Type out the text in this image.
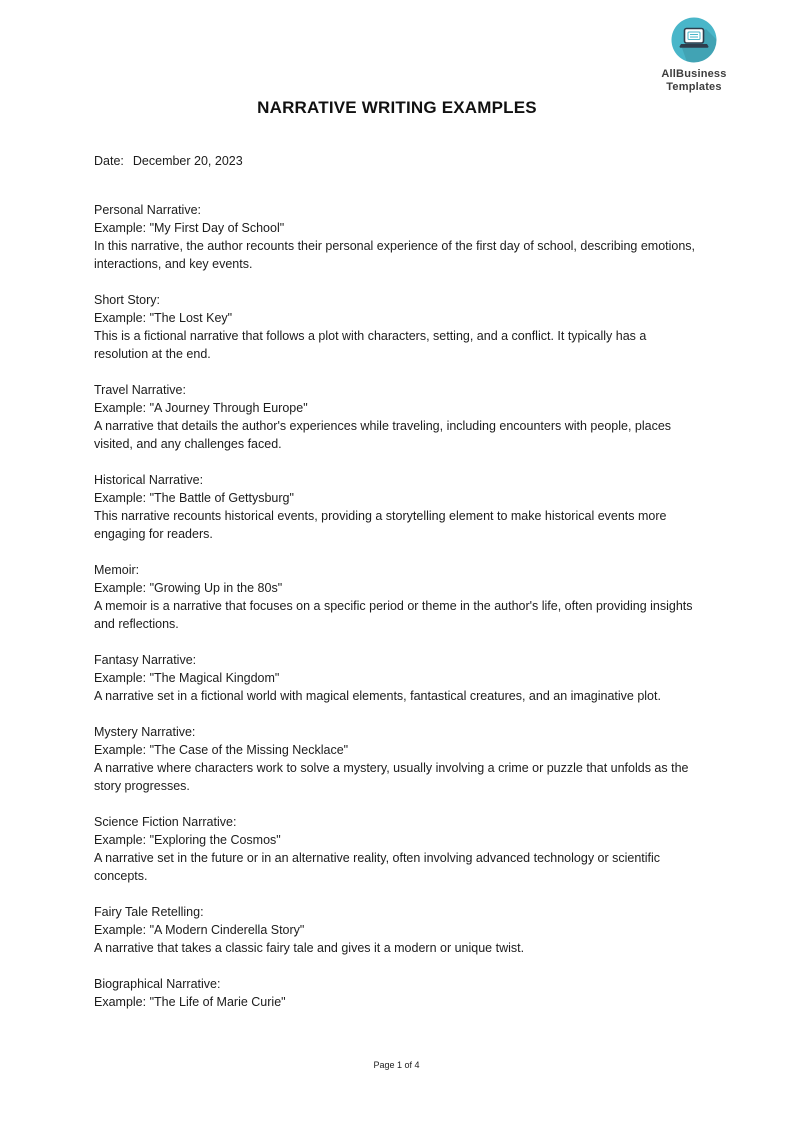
AllBusiness
Templates
NARRATIVE WRITING EXAMPLES

Date: December 20, 2023

Personal Narrative:

Example: "My First Day of School"

In this narrative, the author recounts their personal experience of the first day of school, describing emotions, interactions, and key events.

Short Story:

Example: "The Lost Key"

This is a fictional narrative that follows a plot with characters, setting, and a conflict. It typically has a resolution at the end.

Travel Narrative:

Example: "A Journey Through Europe"

A narrative that details the author's experiences while traveling, including encounters with people, places visited, and any challenges faced.

Historical Narrative:

Example: "The Battle of Gettysburg"

This narrative recounts historical events, providing a storytelling element to make historical events more engaging for readers.

Memoir:

Example: "Growing Up in the 80s"

A memoir is a narrative that focuses on a specific period or theme in the author's life, often providing insights and reflections.

Fantasy Narrative:

Example: "The Magical Kingdom"

A narrative set in a fictional world with magical elements, fantastical creatures, and an imaginative plot.

Mystery Narrative:

Example: "The Case of the Missing Necklace"

A narrative where characters work to solve a mystery, usually involving a crime or puzzle that unfolds as the story progresses.

Science Fiction Narrative:

Example: "Exploring the Cosmos"

A narrative set in the future or in an alternative reality, often involving advanced technology or scientific concepts.

Fairy Tale Retelling:

Example: "A Modern Cinderella Story"

A narrative that takes a classic fairy tale and gives it a modern or unique twist.

Biographical Narrative:

Example: "The Life of Marie Curie"

Page 1 of 4
